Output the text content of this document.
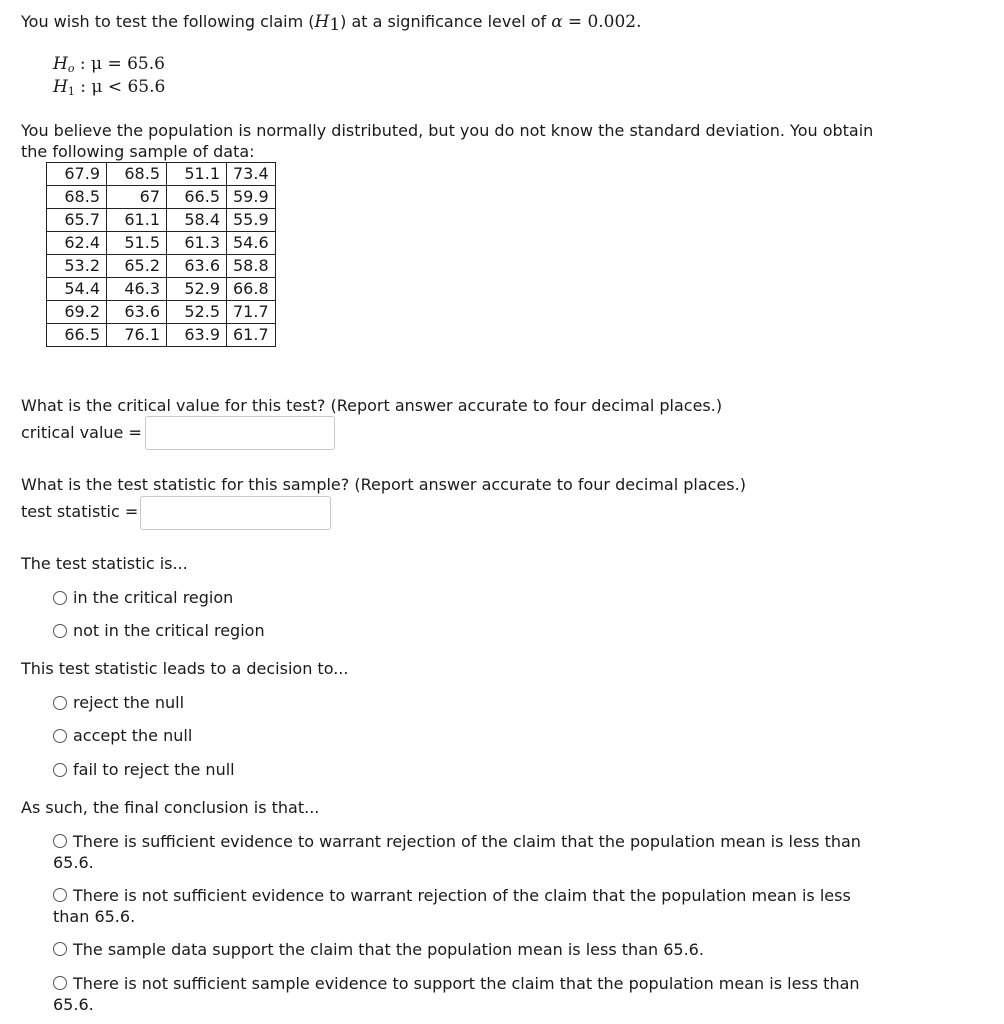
You wish to test the following claim $(H_1)$ at a significance level of α = 0.002.
$H_o$ : μ = 65.6
$H_1$ : μ < 65.6
You believe the population is normally distributed, but you do not know the standard deviation. You obtain
the following sample of data:
67.9	68.5	51.1	73.4
68.5	67	66.5	59.9
65.7	61.1	58.4	55.9
62.4	51.5	61.3	54.6
53.2	65.2	63.6	58.8
54.4	46.3	52.9	66.8
69.2	63.6	52.5	71.7
66.5	76.1	63.9	61.7
What is the critical value for this test? (Report answer accurate to four decimal places.)
critical value =
What is the test statistic for this sample? (Report answer accurate to four decimal places.)
test statistic =
The test statistic is...
in the critical region
not in the critical region
This test statistic leads to a decision to...
reject the null
accept the null
fail to reject the null
As such, the final conclusion is that...
There is sufficient evidence to warrant rejection of the claim that the population mean is less than 65.6.
There is not sufficient evidence to warrant rejection of the claim that the population mean is less than 65.6.
The sample data support the claim that the population mean is less than 65.6.
There is not sufficient sample evidence to support the claim that the population mean is less than 65.6.
